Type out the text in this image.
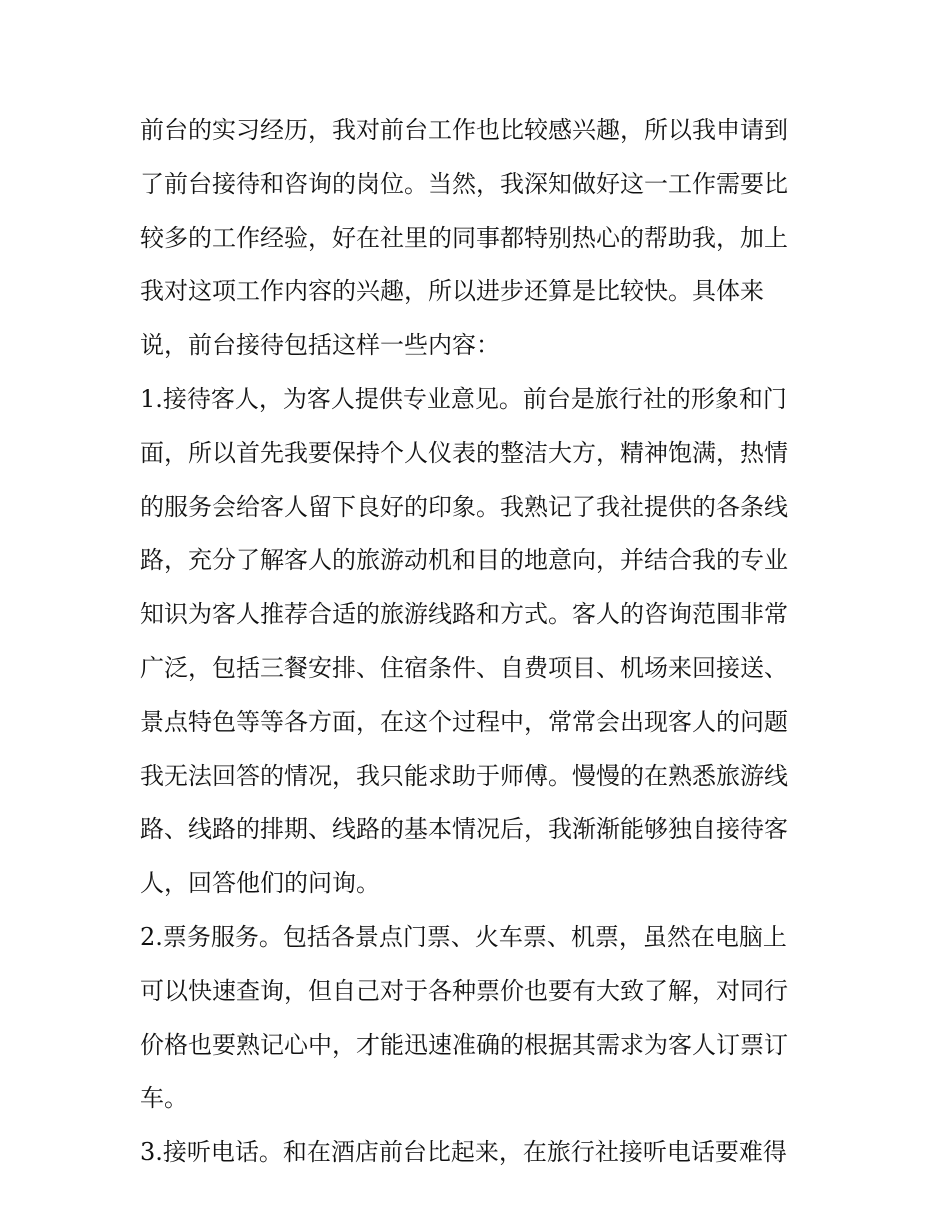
前台的实习经历，我对前台工作也比较感兴趣，所以我申请到
了前台接待和咨询的岗位。当然，我深知做好这一工作需要比
较多的工作经验，好在社里的同事都特别热心的帮助我，加上
我对这项工作内容的兴趣，所以进步还算是比较快。具体来
说，前台接待包括这样一些内容：
1.接待客人，为客人提供专业意见。前台是旅行社的形象和门
面，所以首先我要保持个人仪表的整洁大方，精神饱满，热情
的服务会给客人留下良好的印象。我熟记了我社提供的各条线
路，充分了解客人的旅游动机和目的地意向，并结合我的专业
知识为客人推荐合适的旅游线路和方式。客人的咨询范围非常
广泛，包括三餐安排、住宿条件、自费项目、机场来回接送、
景点特色等等各方面，在这个过程中，常常会出现客人的问题
我无法回答的情况，我只能求助于师傅。慢慢的在熟悉旅游线
路、线路的排期、线路的基本情况后，我渐渐能够独自接待客
人，回答他们的问询。
2.票务服务。包括各景点门票、火车票、机票，虽然在电脑上
可以快速查询，但自己对于各种票价也要有大致了解，对同行
价格也要熟记心中，才能迅速准确的根据其需求为客人订票订
车。
3.接听电话。和在酒店前台比起来，在旅行社接听电话要难得
